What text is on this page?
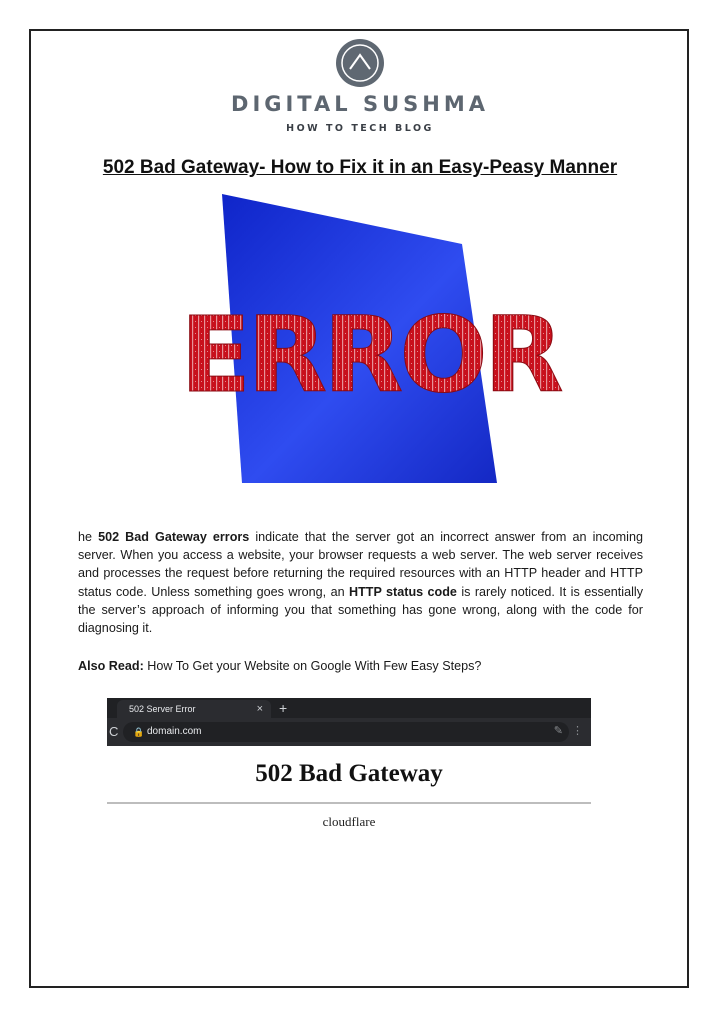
DIGITAL SUSHMA
HOW TO TECH BLOG
502 Bad Gateway- How to Fix it in an Easy-Peasy Manner
ERROR
he 502 Bad Gateway errors indicate that the server got an incorrect answer from an incoming server. When you access a website, your browser requests a web server. The web server receives and processes the request before returning the required resources with an HTTP header and HTTP status code. Unless something goes wrong, an HTTP status code is rarely noticed. It is essentially the server’s approach of informing you that something has gone wrong, along with the code for diagnosing it.
Also Read: How To Get your Website on Google With Few Easy Steps?
502 Server Error	× +
C 🔒 domain.com	✎ ⋮
502 Bad Gateway
cloudflare
